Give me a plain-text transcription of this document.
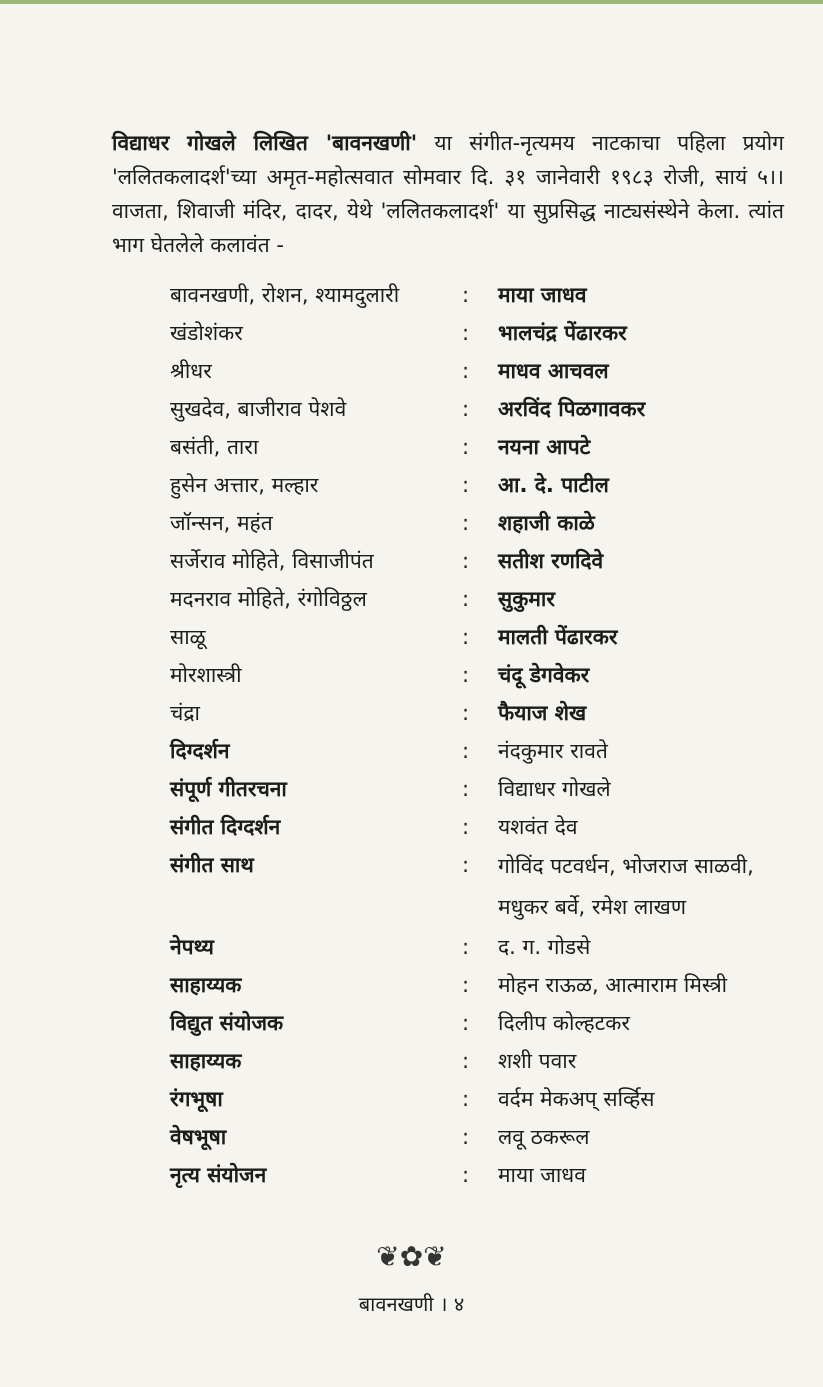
विद्याधर गोखले लिखित 'बावनखणी' या संगीत-नृत्यमय नाटकाचा पहिला प्रयोग 'ललितकलादर्श'च्या अमृत-महोत्सवात सोमवार दि. ३१ जानेवारी १९८३ रोजी, सायं ५।। वाजता, शिवाजी मंदिर, दादर, येथे 'ललितकलादर्श' या सुप्रसिद्ध नाट्यसंस्थेने केला. त्यांत भाग घेतलेले कलावंत -

बावनखणी, रोशन, श्यामदुलारी	:	माया जाधव
खंडोशंकर	:	भालचंद्र पेंढारकर
श्रीधर	:	माधव आचवल
सुखदेव, बाजीराव पेशवे	:	अरविंद पिळगावकर
बसंती, तारा	:	नयना आपटे
हुसेन अत्तार, मल्हार	:	आ. दे. पाटील
जॉन्सन, महंत	:	शहाजी काळे
सर्जेराव मोहिते, विसाजीपंत	:	सतीश रणदिवे
मदनराव मोहिते, रंगोविठ्ठल	:	सुकुमार
साळू	:	मालती पेंढारकर
मोरशास्त्री	:	चंदू डेगवेकर
चंद्रा	:	फैयाज शेख
दिग्दर्शन	:	नंदकुमार रावते
संपूर्ण गीतरचना	:	विद्याधर गोखले
संगीत दिग्दर्शन	:	यशवंत देव
संगीत साथ	:	गोविंद पटवर्धन, भोजराज साळवी, मधुकर बर्वे, रमेश लाखण
नेपथ्य	:	द. ग. गोडसे
साहाय्यक	:	मोहन राऊळ, आत्माराम मिस्त्री
विद्युत संयोजक	:	दिलीप कोल्हटकर
साहाय्यक	:	शशी पवार
रंगभूषा	:	वर्दम मेकअप् सर्व्हिस
वेषभूषा	:	लवू ठकरूल
नृत्य संयोजन	:	माया जाधव
❦✿❦
बावनखणी । ४
